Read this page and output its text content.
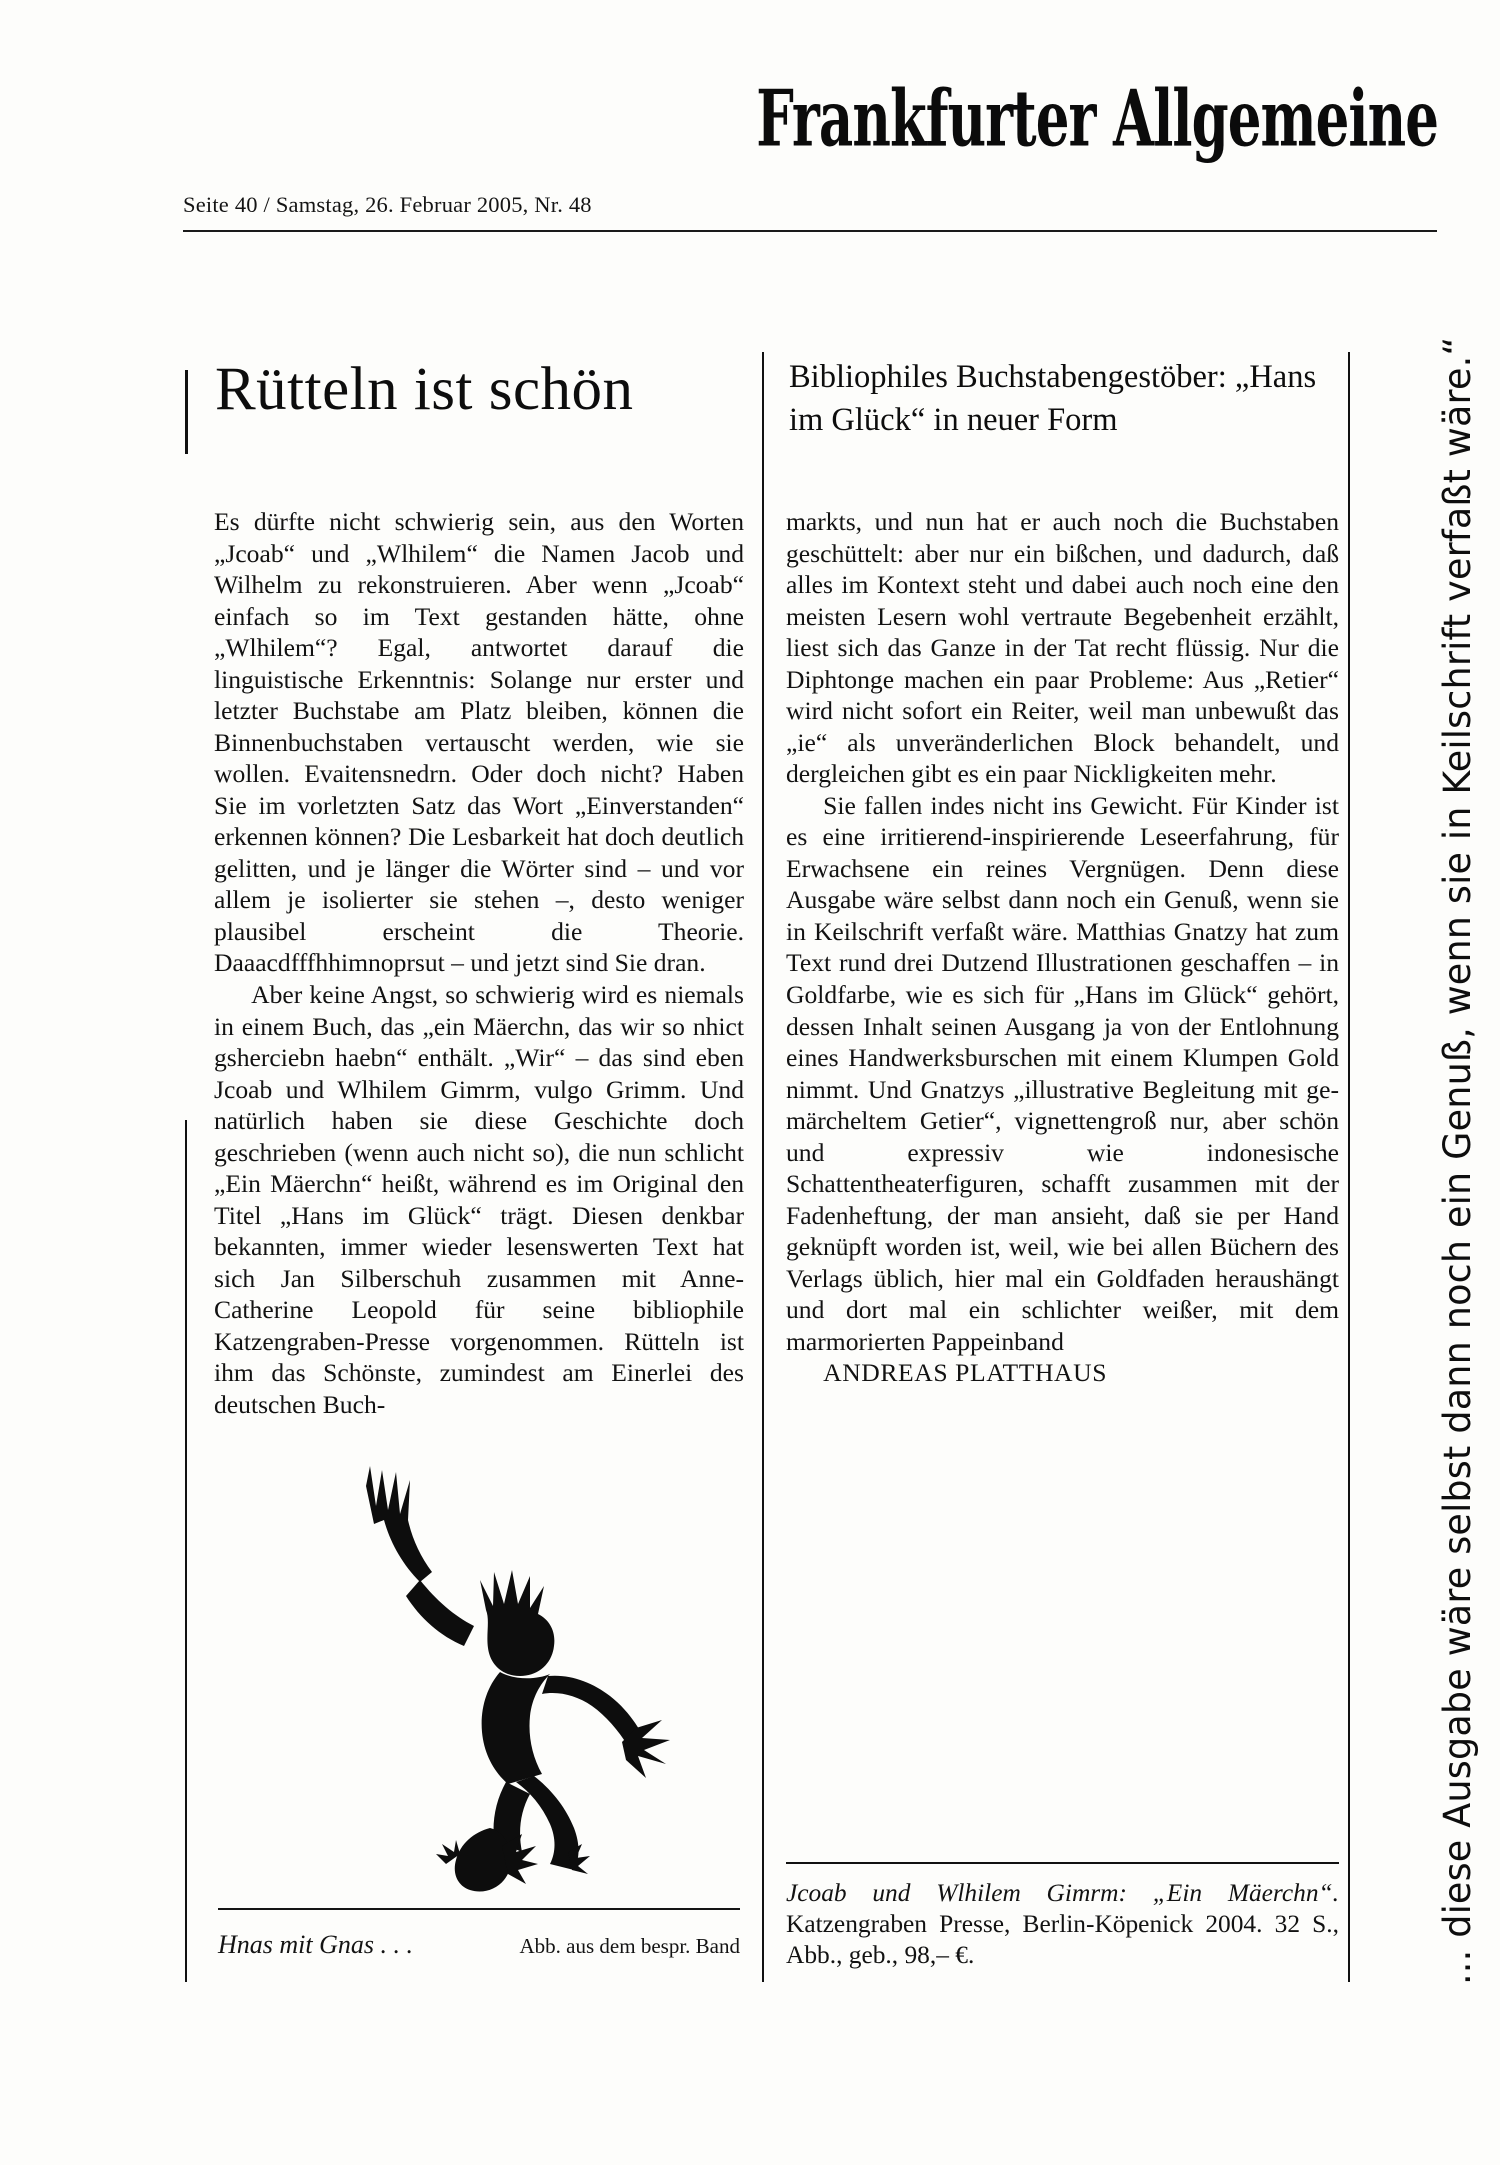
Frankfurter Allgemeine
Seite 40 / Samstag, 26. Februar 2005, Nr. 48
Rütteln ist schön	Bibliophiles Buchstabengestöber: „Hans im Glück“ in neuer Form

Es dürfte nicht schwierig sein, aus den Worten „Jcoab“ und „Wlhilem“ die Namen Jacob und Wilhelm zu rekonstruieren. Aber wenn „Jcoab“ einfach so im Text gestanden hätte, ohne „Wlhilem“? Egal, antwortet darauf die linguistische Erkenntnis: Solange nur erster und letzter Buchstabe am Platz bleiben, können die Binnenbuchstaben vertauscht werden, wie sie wollen. Evaitensnedrn. Oder doch nicht? Haben Sie im vorletzten Satz das Wort „Einverstanden“ erkennen können? Die Lesbarkeit hat doch deutlich gelitten, und je länger die Wörter sind – und vor allem je isolierter sie stehen –, desto weniger plausibel erscheint die Theorie. Daaacdfffhhimnoprsut – und jetzt sind Sie dran.

Aber keine Angst, so schwierig wird es niemals in einem Buch, das „ein Mäerchn, das wir so nhict gsherciebn haebn“ enthält. „Wir“ – das sind eben Jcoab und Wlhilem Gimrm, vulgo Grimm. Und natürlich haben sie diese Geschichte doch geschrieben (wenn auch nicht so), die nun schlicht „Ein Mäerchn“ heißt, während es im Original den Titel „Hans im Glück“ trägt. Diesen denkbar bekannten, immer wieder lesenswerten Text hat sich Jan Silberschuh zusammen mit Anne-Catherine Leopold für seine bibliophile Katzengraben-Presse vorgenommen. Rütteln ist ihm das Schönste, zumindest am Einerlei des deutschen Buch-

markts, und nun hat er auch noch die Buchstaben geschüttelt: aber nur ein bißchen, und dadurch, daß alles im Kontext steht und dabei auch noch eine den meisten Lesern wohl vertraute Begebenheit erzählt, liest sich das Ganze in der Tat recht flüssig. Nur die Diphtonge machen ein paar Probleme: Aus „Retier“ wird nicht sofort ein Reiter, weil man unbewußt das „ie“ als unveränderlichen Block behandelt, und dergleichen gibt es ein paar Nickligkeiten mehr.

Sie fallen indes nicht ins Gewicht. Für Kinder ist es eine irritierend-inspirierende Leseerfahrung, für Erwachsene ein reines Vergnügen. Denn diese Ausgabe wäre selbst dann noch ein Genuß, wenn sie in Keilschrift verfaßt wäre. Matthias Gnatzy hat zum Text rund drei Dutzend Illustrationen geschaffen – in Goldfarbe, wie es sich für „Hans im Glück“ gehört, dessen Inhalt seinen Ausgang ja von der Entlohnung eines Handwerksburschen mit einem Klumpen Gold nimmt. Und Gnatzys „illustrative Begleitung mit ge-märcheltem Getier“, vignettengroß nur, aber schön und expressiv wie indonesische Schattentheaterfiguren, schafft zusammen mit der Fadenheftung, der man ansieht, daß sie per Hand geknüpft worden ist, weil, wie bei allen Büchern des Verlags üblich, hier mal ein Goldfaden heraushängt und dort mal ein schlichter weißer, mit dem marmorierten Pappeinband

ANDREAS PLATTHAUS

Jcoab und Wlhilem Gimrm: „Ein Mäerchn“. Katzengraben Presse, Berlin-Köpenick 2004. 32 S., Abb., geb., 98,– €.
Hnas mit Gnas . . .	Abb. aus dem bespr. Band	... diese Ausgabe wäre selbst dann noch ein Genuß, wenn sie in Keilschrift verfaßt wäre.“
